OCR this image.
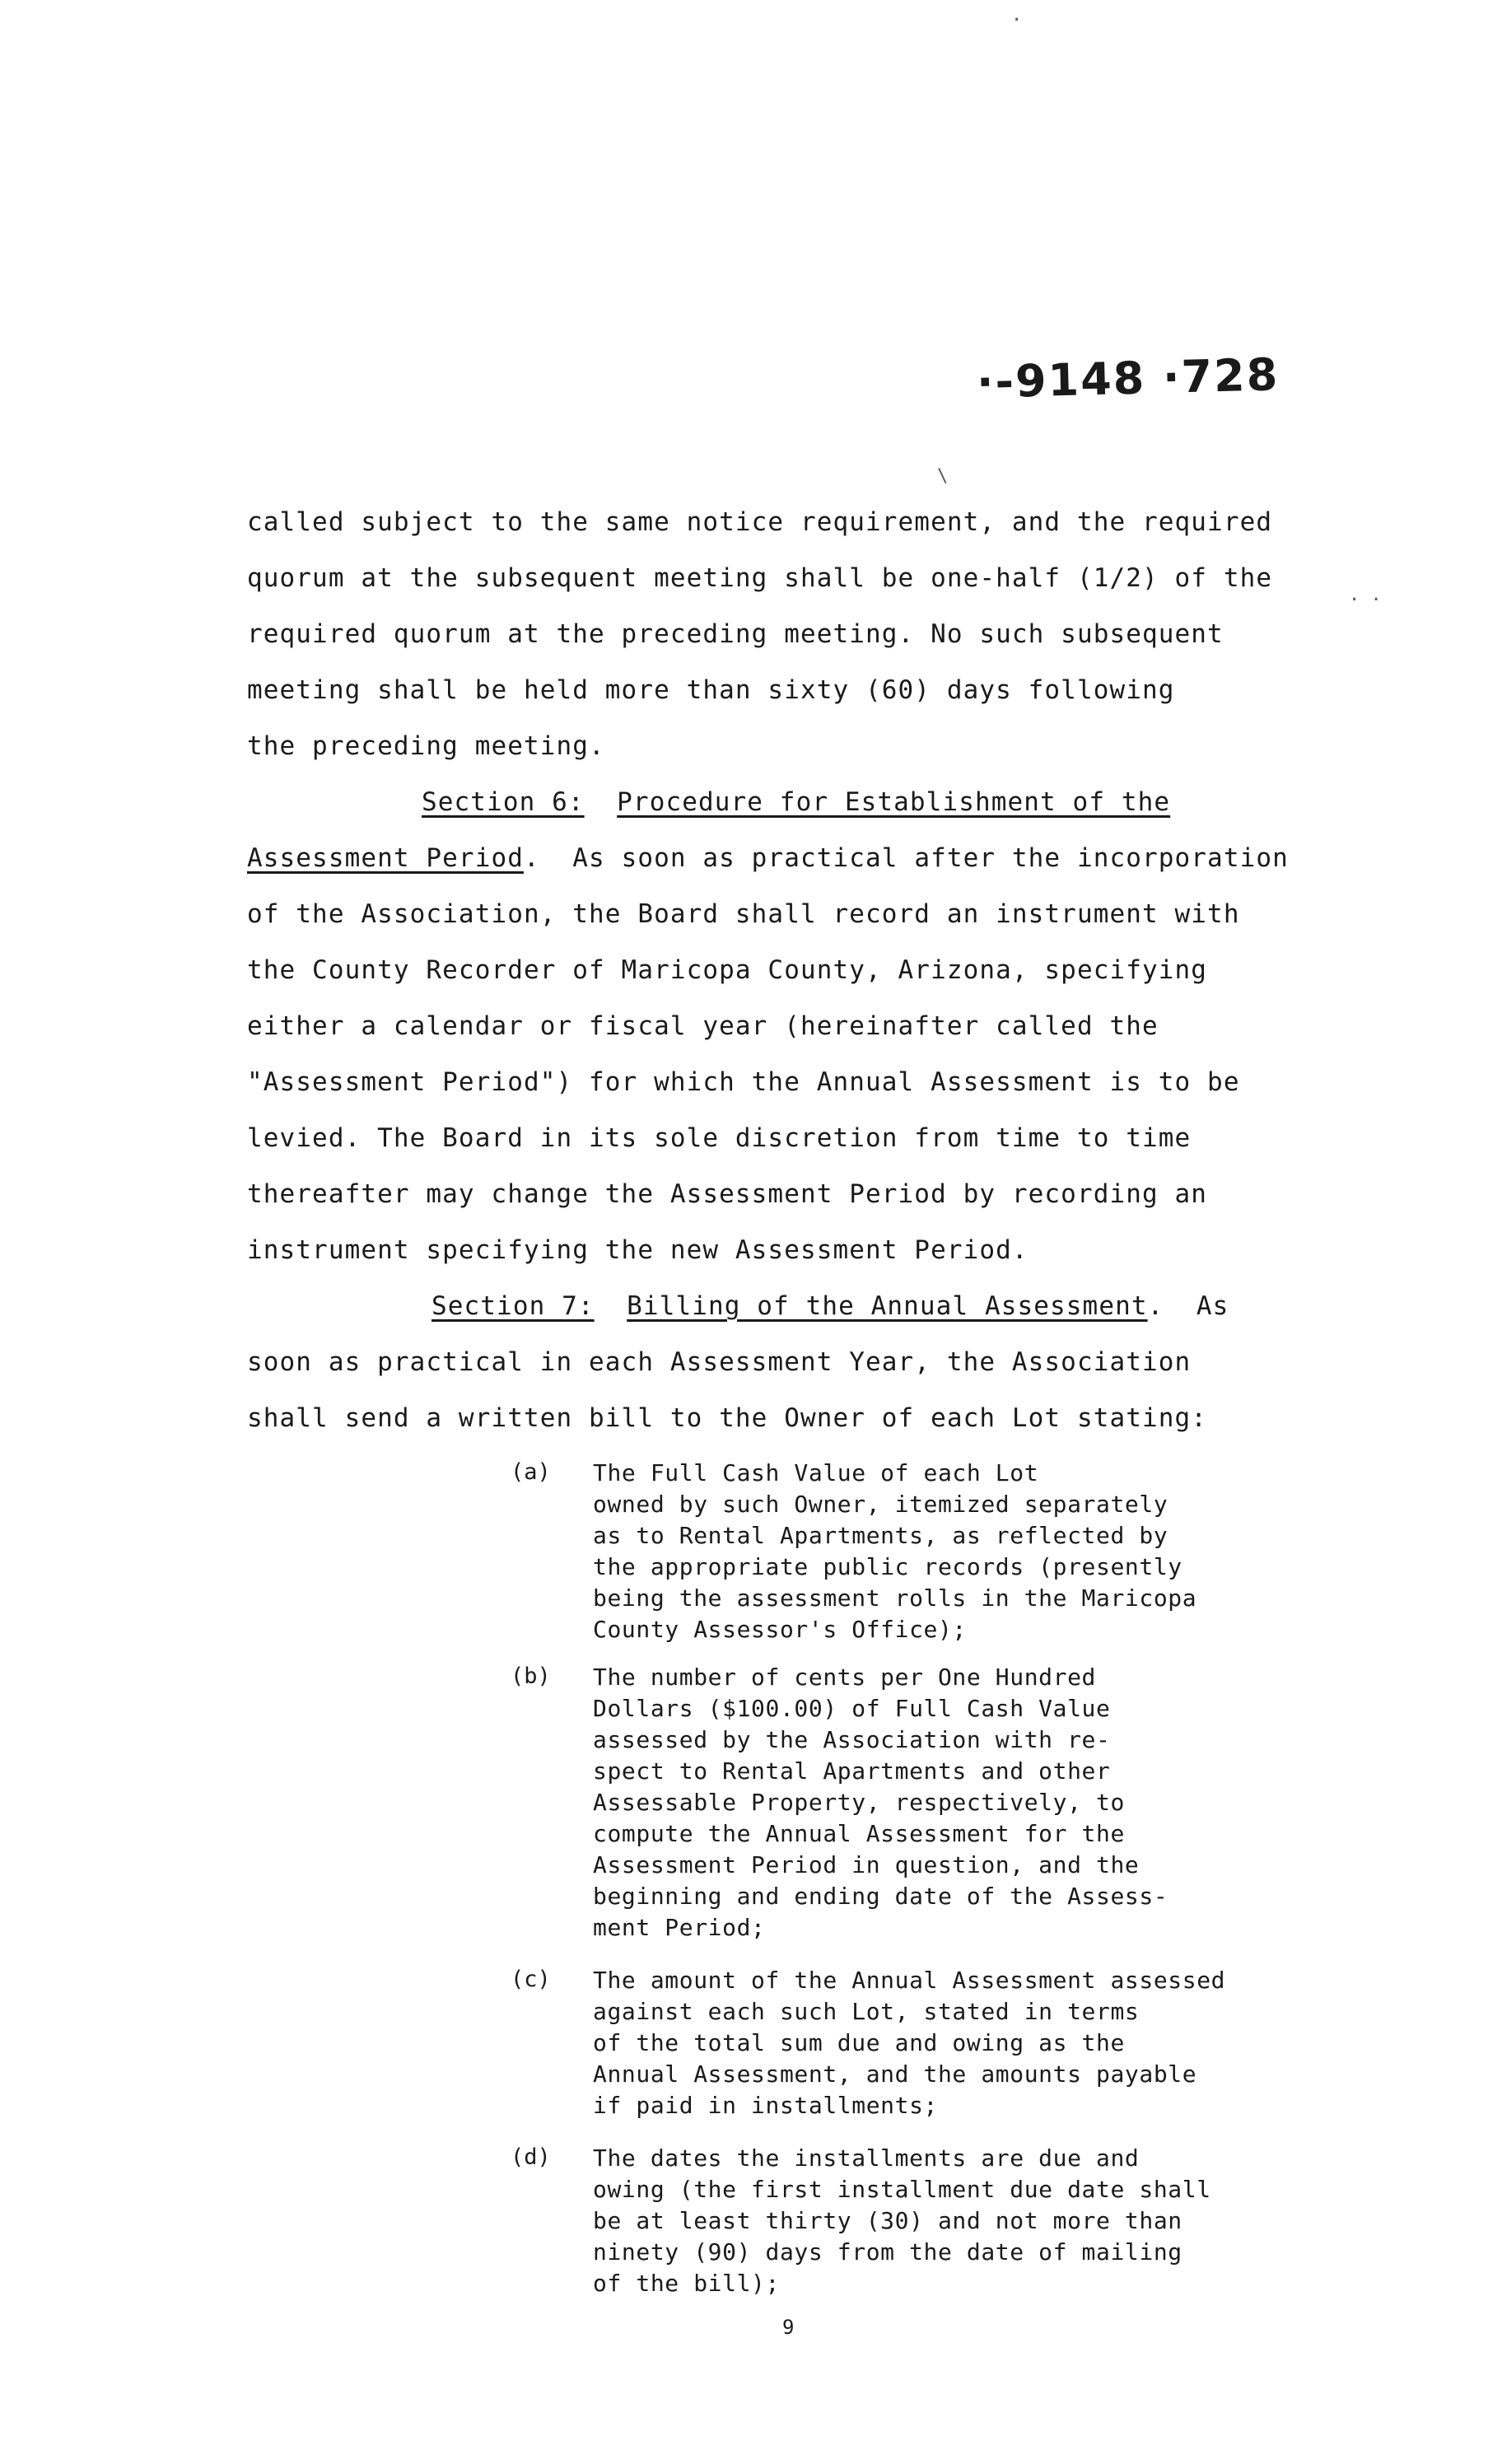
·-9148 ·728
·
\
· ·
called subject to the same notice requirement, and the required
quorum at the subsequent meeting shall be one-half (1/2) of the
required quorum at the preceding meeting. No such subsequent
meeting shall be held more than sixty (60) days following
the preceding meeting.
Section 6: Procedure for Establishment of the
Assessment Period.  As soon as practical after the incorporation
of the Association, the Board shall record an instrument with
the County Recorder of Maricopa County, Arizona, specifying
either a calendar or fiscal year (hereinafter called the
"Assessment Period") for which the Annual Assessment is to be
levied. The Board in its sole discretion from time to time
thereafter may change the Assessment Period by recording an
instrument specifying the new Assessment Period.
Section 7: Billing of the Annual Assessment.  As
soon as practical in each Assessment Year, the Association
shall send a written bill to the Owner of each Lot stating:
(a) The Full Cash Value of each Lot
owned by such Owner, itemized separately
as to Rental Apartments, as reflected by
the appropriate public records (presently
being the assessment rolls in the Maricopa
County Assessor's Office);
(b) The number of cents per One Hundred
Dollars ($100.00) of Full Cash Value
assessed by the Association with re-
spect to Rental Apartments and other
Assessable Property, respectively, to
compute the Annual Assessment for the
Assessment Period in question, and the
beginning and ending date of the Assess-
ment Period;
(c) The amount of the Annual Assessment assessed
against each such Lot, stated in terms
of the total sum due and owing as the
Annual Assessment, and the amounts payable
if paid in installments;
(d) The dates the installments are due and
owing (the first installment due date shall
be at least thirty (30) and not more than
ninety (90) days from the date of mailing
of the bill);
9
